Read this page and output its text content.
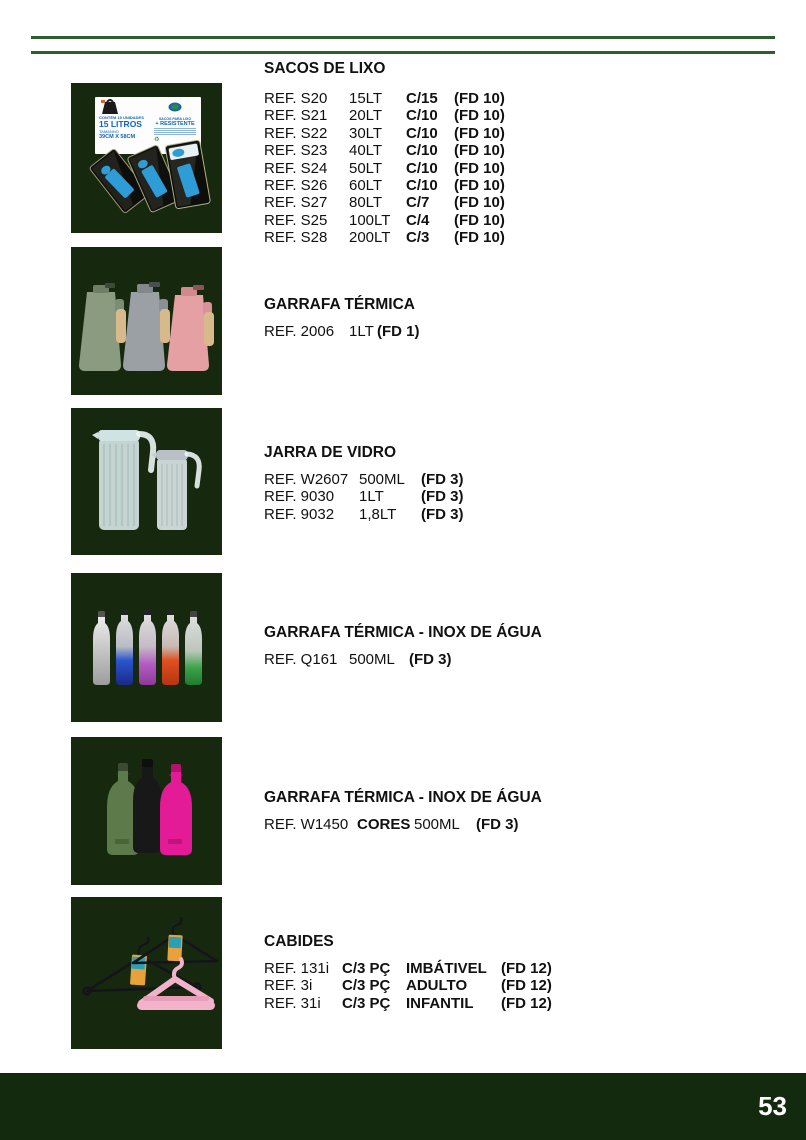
CONTÉM 15 UNIDADES
15 LITROS
TAMANHO
39CM X 58CM
SACOS PARA LIXO
+ RESISTENTE
♻
SACOS DE LIXO
REF. S20	15LT	C/15	(FD 10)
REF. S21	20LT	C/10	(FD 10)
REF. S22	30LT	C/10	(FD 10)
REF. S23	40LT	C/10	(FD 10)
REF. S24	50LT	C/10	(FD 10)
REF. S26	60LT	C/10	(FD 10)
REF. S27	80LT	C/7	(FD 10)
REF. S25	100LT	C/4	(FD 10)
REF. S28	200LT	C/3	(FD 10)
GARRAFA TÉRMICA
REF. 2006 1LT (FD 1)
JARRA DE VIDRO
REF. W2607 500ML	(FD 3)
REF. 9030	1LT	(FD 3)
REF. 9032	1,8LT	(FD 3)
GARRAFA TÉRMICA - INOX DE ÁGUA
REF. Q161 500ML (FD 3)
GARRAFA TÉRMICA - INOX DE ÁGUA
REF. W1450 CORES 500ML	(FD 3)
CABIDES
REF. 131i C/3 PÇ	IMBÁTIVEL (FD 12)
REF. 3i	C/3 PÇ	ADULTO	(FD 12)
REF. 31i	C/3 PÇ	INFANTIL	(FD 12)
53
